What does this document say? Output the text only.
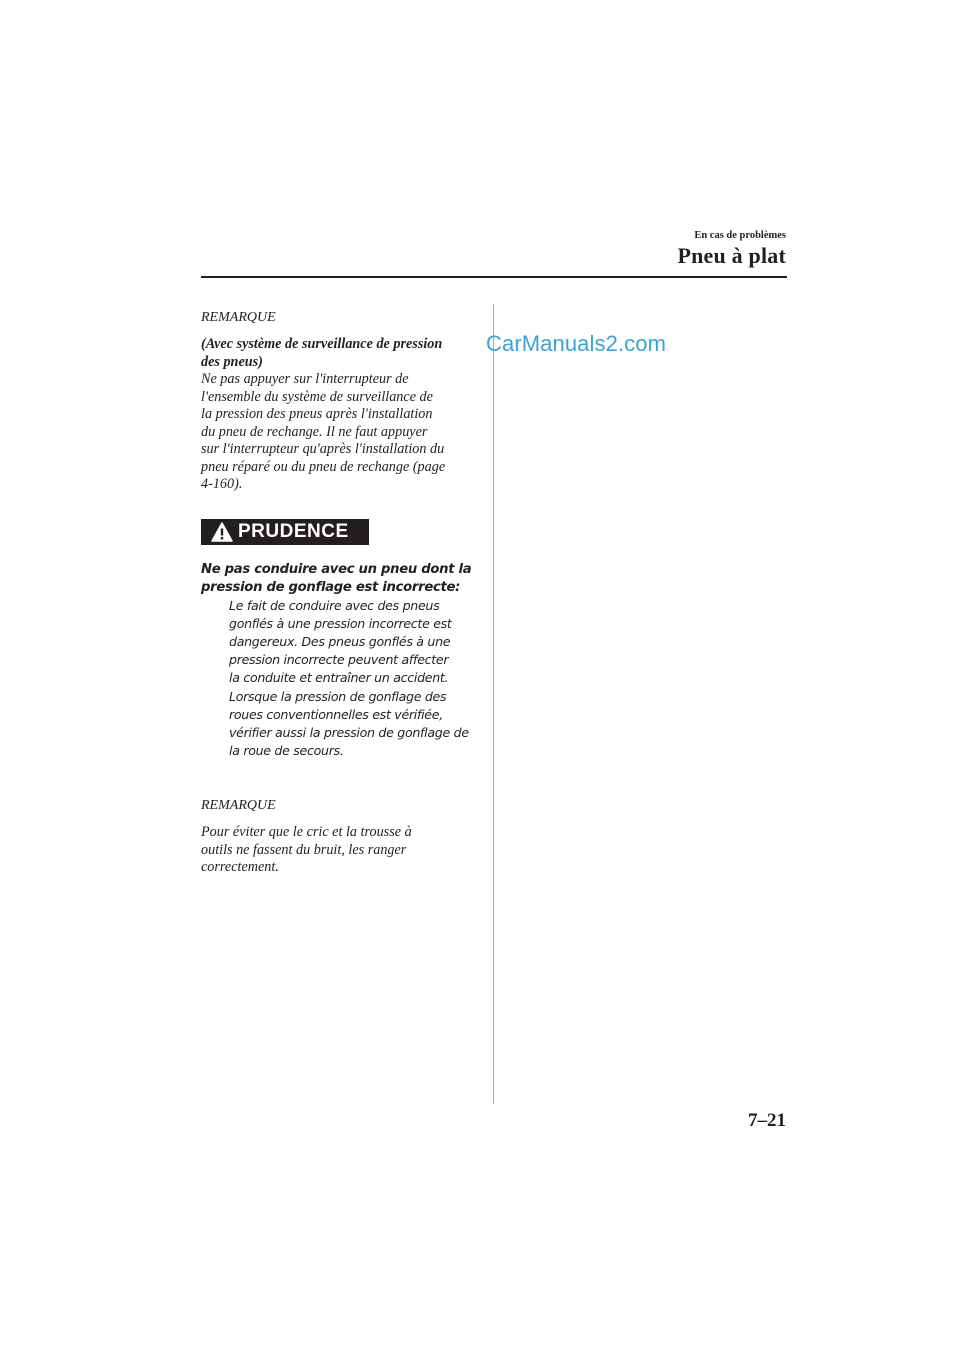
En cas de problèmes
Pneu à plat
CarManuals2.com

REMARQUE

(Avec système de surveillance de pression

des pneus)

Ne pas appuyer sur l'interrupteur de

l'ensemble du système de surveillance de

la pression des pneus après l'installation

du pneu de rechange. Il ne faut appuyer

sur l'interrupteur qu'après l'installation du

pneu réparé ou du pneu de rechange (page

4-160).

PRUDENCE

Ne pas conduire avec un pneu dont la

pression de gonflage est incorrecte:

Le fait de conduire avec des pneus

gonflés à une pression incorrecte est

dangereux. Des pneus gonflés à une

pression incorrecte peuvent affecter

la conduite et entraîner un accident.

Lorsque la pression de gonflage des

roues conventionnelles est vérifiée,

vérifier aussi la pression de gonflage de

la roue de secours.

REMARQUE

Pour éviter que le cric et la trousse à

outils ne fassent du bruit, les ranger

correctement.

7–21
